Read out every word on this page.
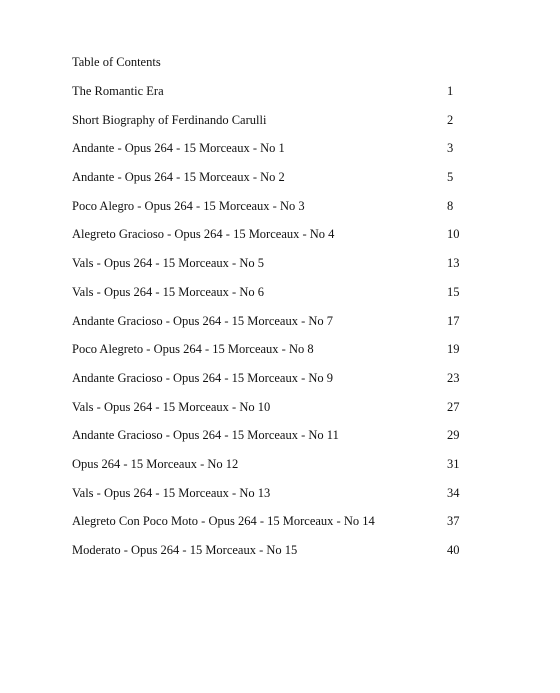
Table of Contents
The Romantic Era	1
Short Biography of Ferdinando Carulli	2
Andante - Opus 264 - 15 Morceaux - No 1	3
Andante - Opus 264 - 15 Morceaux - No 2	5
Poco Alegro - Opus 264 - 15 Morceaux - No 3	8
Alegreto Gracioso - Opus 264 - 15 Morceaux - No 4	10
Vals - Opus 264 - 15 Morceaux - No 5	13
Vals - Opus 264 - 15 Morceaux - No 6	15
Andante Gracioso - Opus 264 - 15 Morceaux - No 7	17
Poco Alegreto - Opus 264 - 15 Morceaux - No 8	19
Andante Gracioso - Opus 264 - 15 Morceaux - No 9	23
Vals - Opus 264 - 15 Morceaux - No 10	27
Andante Gracioso - Opus 264 - 15 Morceaux - No 11	29
Opus 264 - 15 Morceaux - No 12	31
Vals - Opus 264 - 15 Morceaux - No 13	34
Alegreto Con Poco Moto - Opus 264 - 15 Morceaux - No 14	37
Moderato - Opus 264 - 15 Morceaux - No 15	40
